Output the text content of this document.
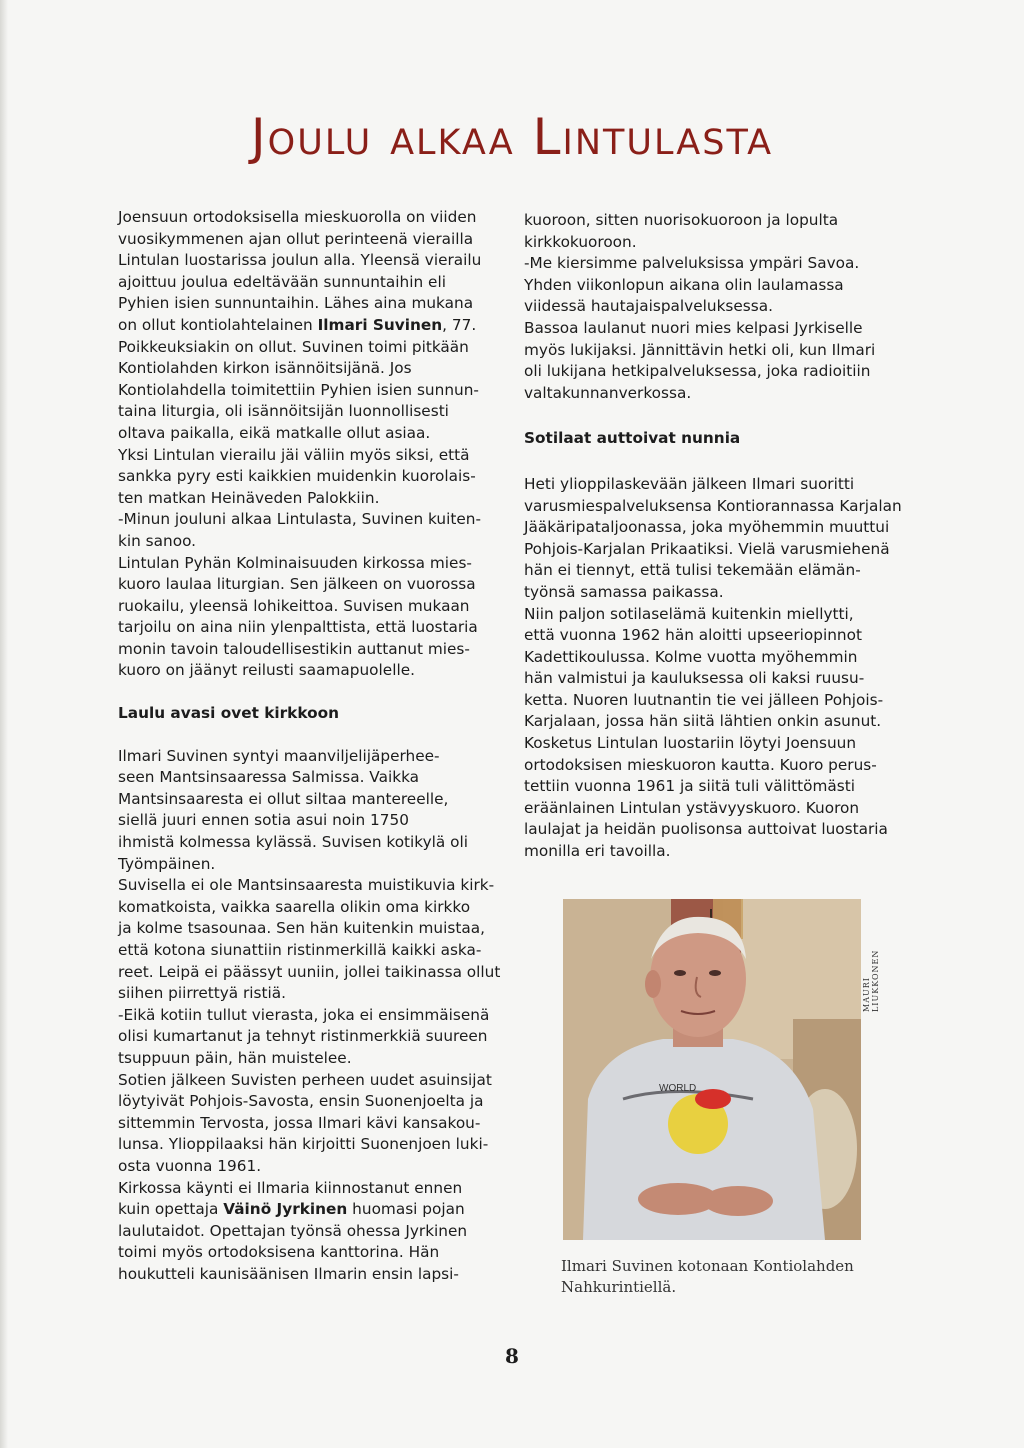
Joulu alkaa Lintulasta

Joensuun ortodoksisella mieskuorolla on viiden

vuosikymmenen ajan ollut perinteenä vierailla

Lintulan luostarissa joulun alla. Yleensä vierailu

ajoittuu joulua edeltävään sunnuntaihin eli

Pyhien isien sunnuntaihin. Lähes aina mukana

on ollut kontiolahtelainen Ilmari Suvinen, 77.

Poikkeuksiakin on ollut. Suvinen toimi pitkään

Kontiolahden kirkon isännöitsijänä. Jos

Kontiolahdella toimitettiin Pyhien isien sunnun-

taina liturgia, oli isännöitsijän luonnollisesti

oltava paikalla, eikä matkalle ollut asiaa.

Yksi Lintulan vierailu jäi väliin myös siksi, että

sankka pyry esti kaikkien muidenkin kuorolais-

ten matkan Heinäveden Palokkiin.

-Minun jouluni alkaa Lintulasta, Suvinen kuiten-

kin sanoo.

Lintulan Pyhän Kolminaisuuden kirkossa mies-

kuoro laulaa liturgian. Sen jälkeen on vuorossa

ruokailu, yleensä lohikeittoa. Suvisen mukaan

tarjoilu on aina niin ylenpalttista, että luostaria

monin tavoin taloudellisestikin auttanut mies-

kuoro on jäänyt reilusti saamapuolelle.

Laulu avasi ovet kirkkoon

Ilmari Suvinen syntyi maanviljelijäperhee-

seen Mantsinsaaressa Salmissa. Vaikka

Mantsinsaaresta ei ollut siltaa mantereelle,

siellä juuri ennen sotia asui noin 1750

ihmistä kolmessa kylässä. Suvisen kotikylä oli

Työmpäinen.

Suvisella ei ole Mantsinsaaresta muistikuvia kirk-

komatkoista, vaikka saarella olikin oma kirkko

ja kolme tsasounaa. Sen hän kuitenkin muistaa,

että kotona siunattiin ristinmerkillä kaikki aska-

reet. Leipä ei päässyt uuniin, jollei taikinassa ollut

siihen piirrettyä ristiä.

-Eikä kotiin tullut vierasta, joka ei ensimmäisenä

olisi kumartanut ja tehnyt ristinmerkkiä suureen

tsuppuun päin, hän muistelee.

Sotien jälkeen Suvisten perheen uudet asuinsijat

löytyivät Pohjois-Savosta, ensin Suonenjoelta ja

sittemmin Tervosta, jossa Ilmari kävi kansakou-

lunsa. Ylioppilaaksi hän kirjoitti Suonenjoen luki-

osta vuonna 1961.

Kirkossa käynti ei Ilmaria kiinnostanut ennen

kuin opettaja Väinö Jyrkinen huomasi pojan

laulutaidot. Opettajan työnsä ohessa Jyrkinen

toimi myös ortodoksisena kanttorina. Hän

houkutteli kaunisäänisen Ilmarin ensin lapsi-

kuoroon, sitten nuorisokuoroon ja lopulta

kirkkokuoroon.

-Me kiersimme palveluksissa ympäri Savoa.

Yhden viikonlopun aikana olin laulamassa

viidessä hautajaispalveluksessa.

Bassoa laulanut nuori mies kelpasi Jyrkiselle

myös lukijaksi. Jännittävin hetki oli, kun Ilmari

oli lukijana hetkipalveluksessa, joka radioitiin

valtakunnanverkossa.

Sotilaat auttoivat nunnia

Heti ylioppilaskevään jälkeen Ilmari suoritti

varusmiespalveluksensa Kontiorannassa Karjalan

Jääkäripataljoonassa, joka myöhemmin muuttui

Pohjois-Karjalan Prikaatiksi. Vielä varusmiehenä

hän ei tiennyt, että tulisi tekemään elämän-

työnsä samassa paikassa.

Niin paljon sotilaselämä kuitenkin miellytti,

että vuonna 1962 hän aloitti upseeriopinnot

Kadettikoulussa. Kolme vuotta myöhemmin

hän valmistui ja kauluksessa oli kaksi ruusu-

ketta. Nuoren luutnantin tie vei jälleen Pohjois-

Karjalaan, jossa hän siitä lähtien onkin asunut.

Kosketus Lintulan luostariin löytyi Joensuun

ortodoksisen mieskuoron kautta. Kuoro perus-

tettiin vuonna 1961 ja siitä tuli välittömästi

eräänlainen Lintulan ystävyyskuoro. Kuoron

laulajat ja heidän puolisonsa auttoivat luostaria

monilla eri tavoilla.

WORLD
MAURI LIUKKONEN
Ilmari Suvinen kotonaan Kontiolahden
Nahkurintiellä.
8
